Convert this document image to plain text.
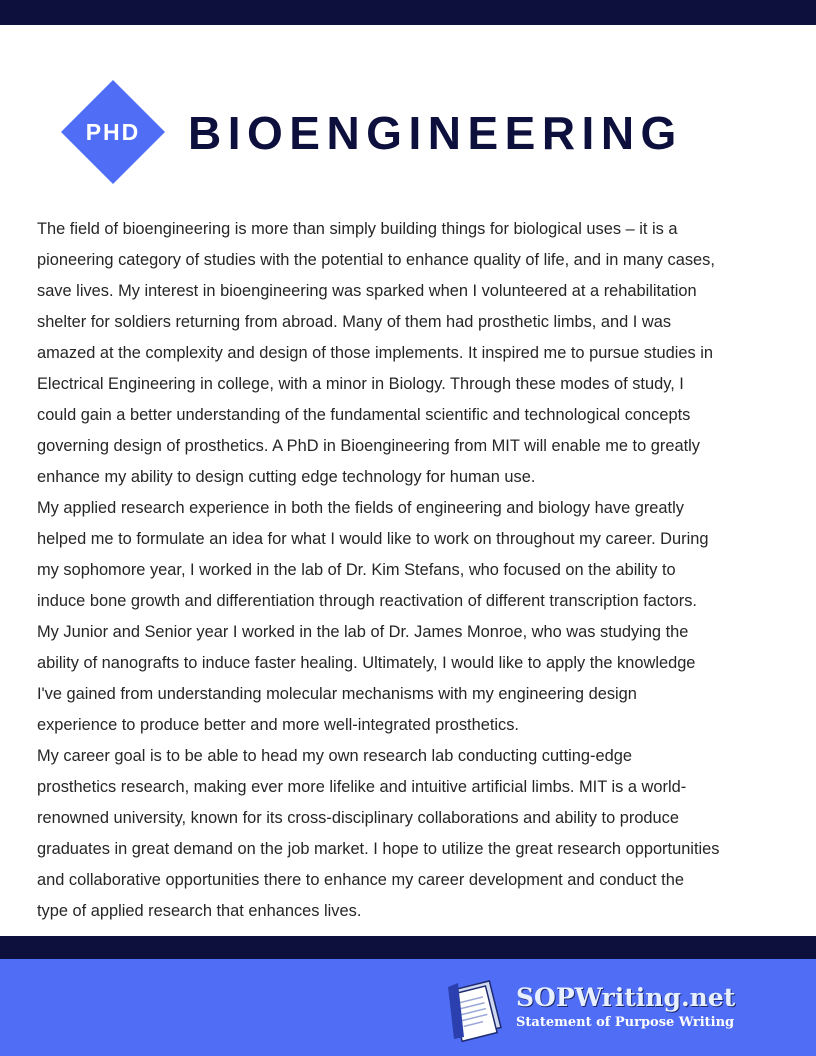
PHD	BIOENGINEERING

The field of bioengineering is more than simply building things for biological uses – it is a
pioneering category of studies with the potential to enhance quality of life, and in many cases,
save lives. My interest in bioengineering was sparked when I volunteered at a rehabilitation
shelter for soldiers returning from abroad. Many of them had prosthetic limbs, and I was
amazed at the complexity and design of those implements. It inspired me to pursue studies in
Electrical Engineering in college, with a minor in Biology. Through these modes of study, I
could gain a better understanding of the fundamental scientific and technological concepts
governing design of prosthetics. A PhD in Bioengineering from MIT will enable me to greatly
enhance my ability to design cutting edge technology for human use.

My applied research experience in both the fields of engineering and biology have greatly
helped me to formulate an idea for what I would like to work on throughout my career. During
my sophomore year, I worked in the lab of Dr. Kim Stefans, who focused on the ability to
induce bone growth and differentiation through reactivation of different transcription factors.
My Junior and Senior year I worked in the lab of Dr. James Monroe, who was studying the
ability of nanografts to induce faster healing. Ultimately, I would like to apply the knowledge
I've gained from understanding molecular mechanisms with my engineering design
experience to produce better and more well-integrated prosthetics.

My career goal is to be able to head my own research lab conducting cutting-edge
prosthetics research, making ever more lifelike and intuitive artificial limbs. MIT is a world-
renowned university, known for its cross-disciplinary collaborations and ability to produce
graduates in great demand on the job market. I hope to utilize the great research opportunities
and collaborative opportunities there to enhance my career development and conduct the
type of applied research that enhances lives.

SOPWriting.net

Statement of Purpose Writing
